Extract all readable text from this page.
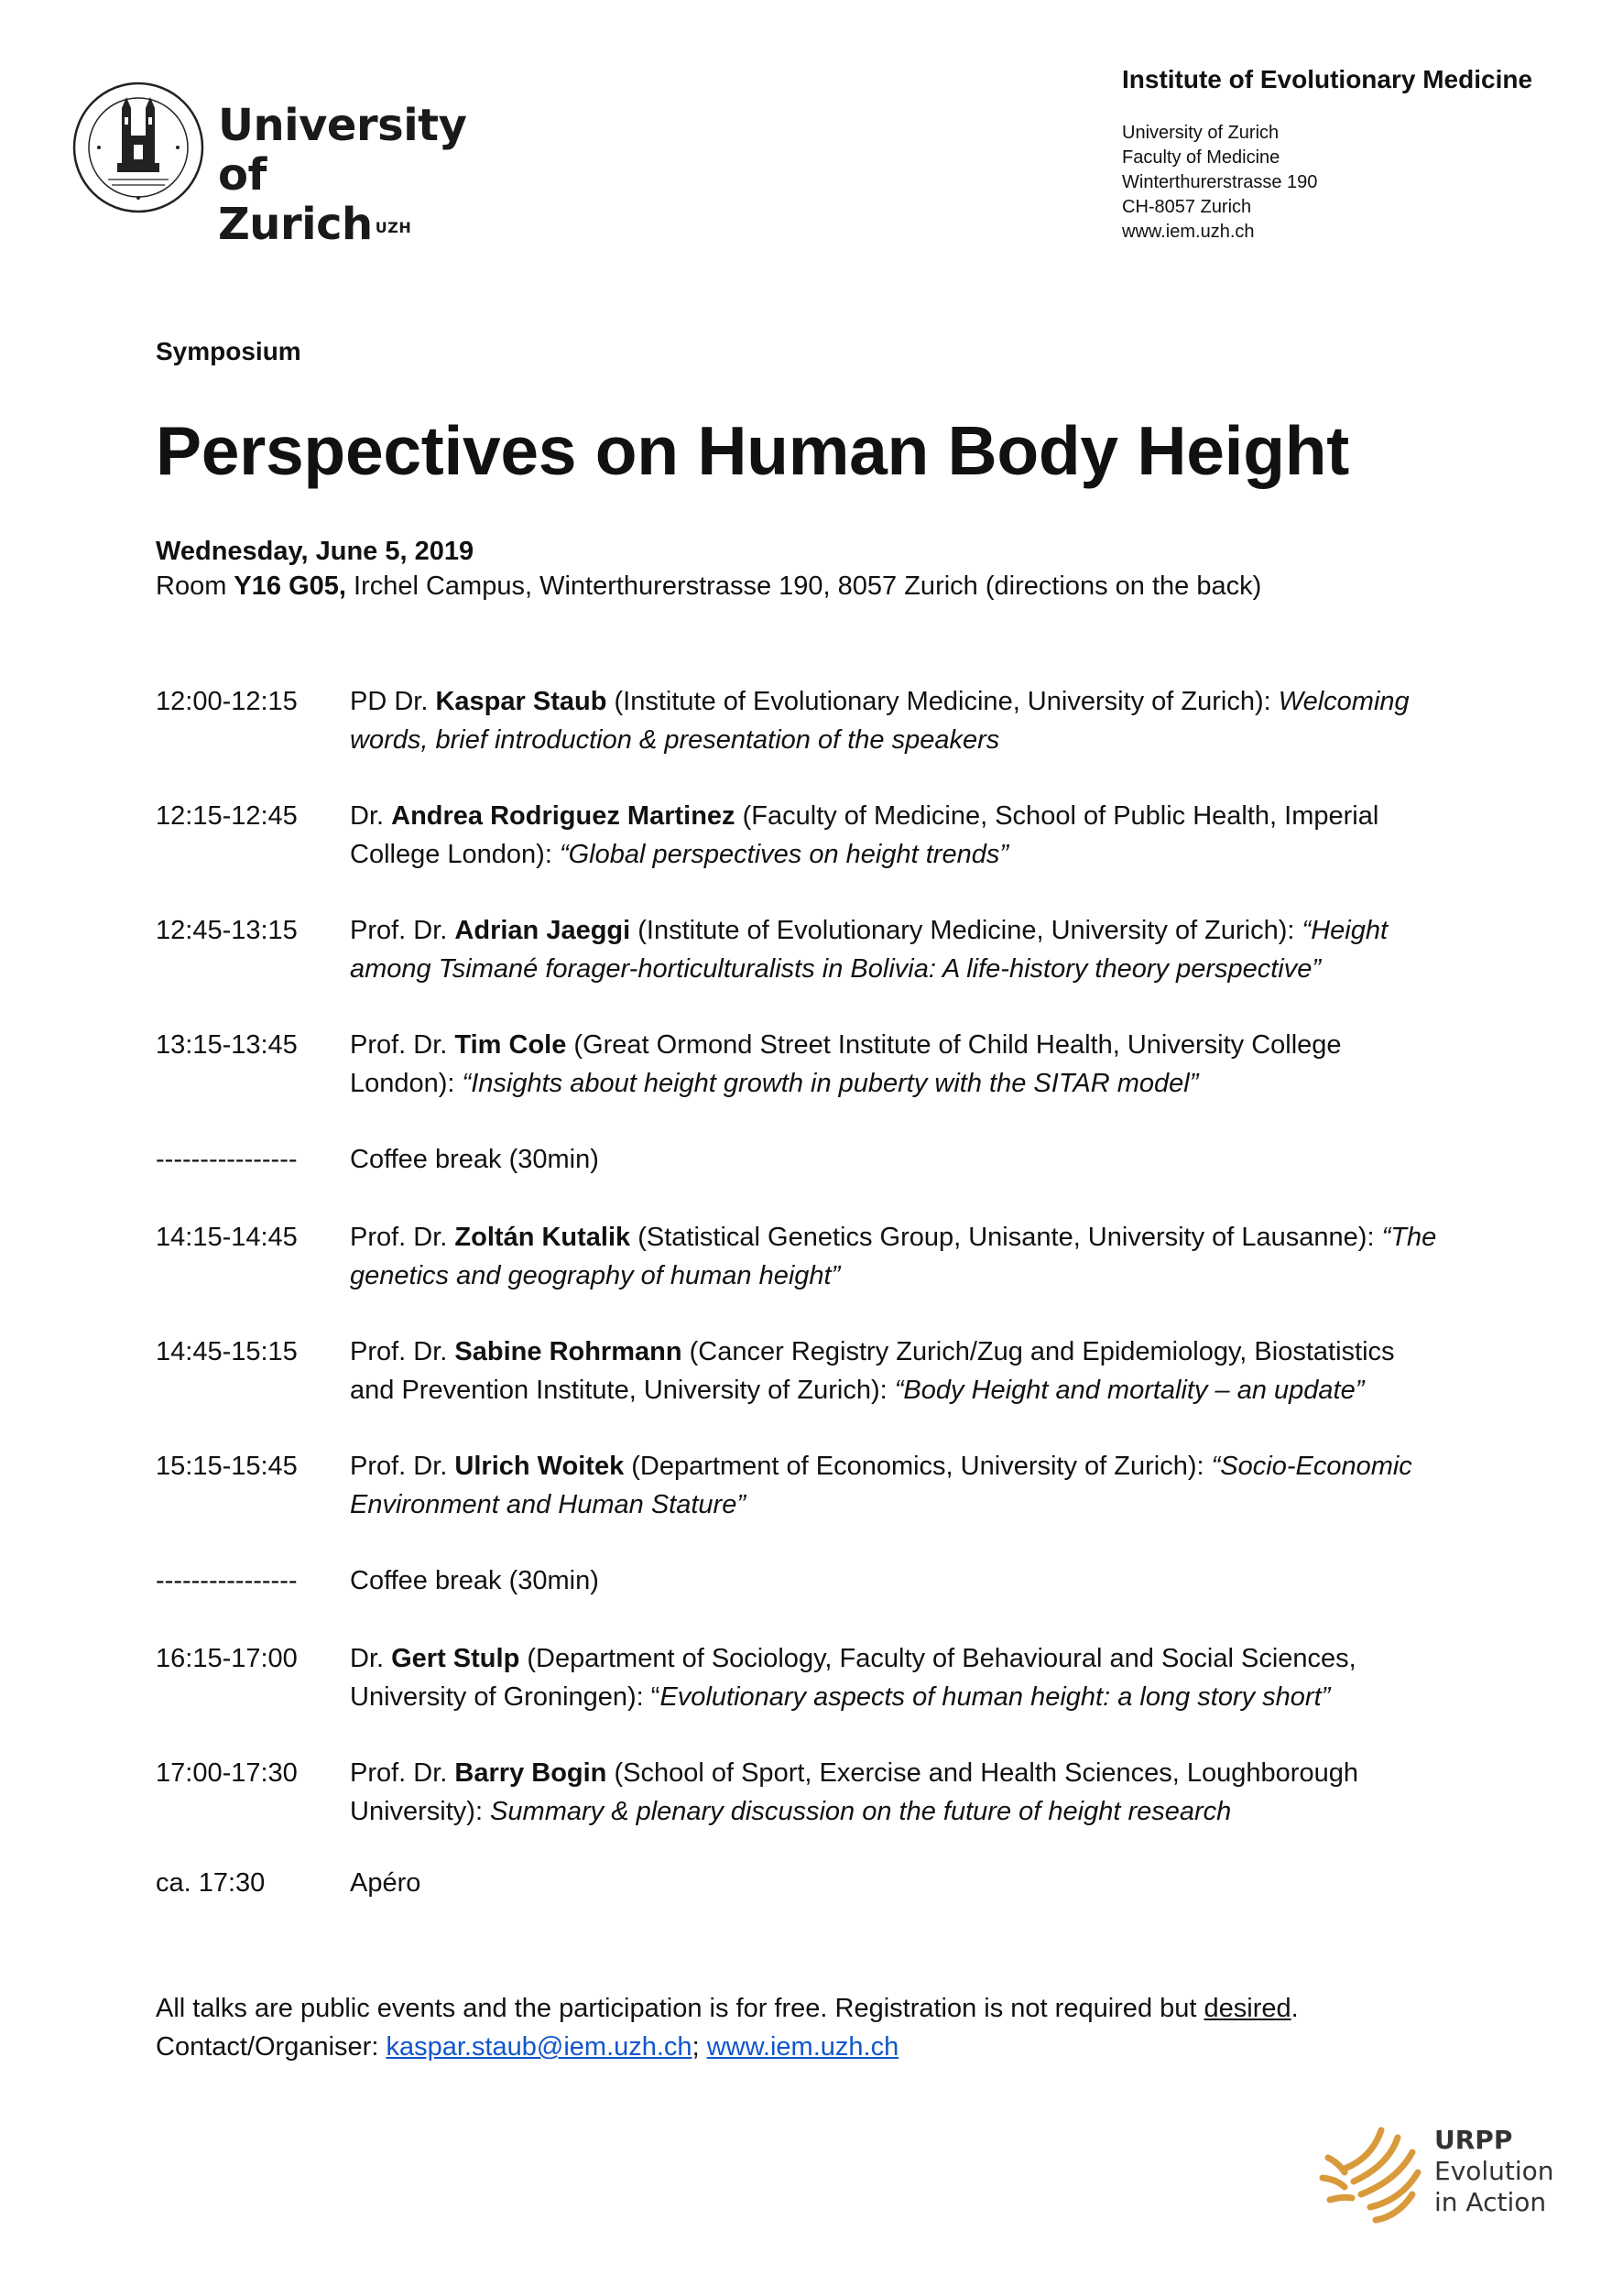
University of
Zurich $^{UZH}$
Institute of Evolutionary Medicine
University of Zurich
Faculty of Medicine
Winterthurerstrasse 190
CH-8057 Zurich
www.iem.uzh.ch
Symposium
Perspectives on Human Body Height
Wednesday, June 5, 2019
Room Y16 G05, Irchel Campus, Winterthurerstrasse 190, 8057 Zurich (directions on the back)
12:00-12:15	PD Dr. Kaspar Staub (Institute of Evolutionary Medicine, University of Zurich): Welcoming
words, brief introduction & presentation of the speakers
12:15-12:45	Dr. Andrea Rodriguez Martinez (Faculty of Medicine, School of Public Health, Imperial
College London): “Global perspectives on height trends”
12:45-13:15	Prof. Dr. Adrian Jaeggi (Institute of Evolutionary Medicine, University of Zurich): “Height
among Tsimané forager-horticulturalists in Bolivia: A life-history theory perspective”
13:15-13:45	Prof. Dr. Tim Cole (Great Ormond Street Institute of Child Health, University College
London): “Insights about height growth in puberty with the SITAR model”
----------------	Coffee break (30min)
14:15-14:45	Prof. Dr. Zoltán Kutalik (Statistical Genetics Group, Unisante, University of Lausanne): “The
genetics and geography of human height”
14:45-15:15	Prof. Dr. Sabine Rohrmann (Cancer Registry Zurich/Zug and Epidemiology, Biostatistics
and Prevention Institute, University of Zurich): “Body Height and mortality – an update”
15:15-15:45	Prof. Dr. Ulrich Woitek (Department of Economics, University of Zurich): “Socio-Economic
Environment and Human Stature”
----------------	Coffee break (30min)
16:15-17:00	Dr. Gert Stulp (Department of Sociology, Faculty of Behavioural and Social Sciences,
University of Groningen): “Evolutionary aspects of human height: a long story short”
17:00-17:30	Prof. Dr. Barry Bogin (School of Sport, Exercise and Health Sciences, Loughborough
University): Summary & plenary discussion on the future of height research
ca. 17:30	Apéro
All talks are public events and the participation is for free. Registration is not required but desired.
Contact/Organiser: kaspar.staub@iem.uzh.ch; www.iem.uzh.ch
URPP
Evolution
in Action
